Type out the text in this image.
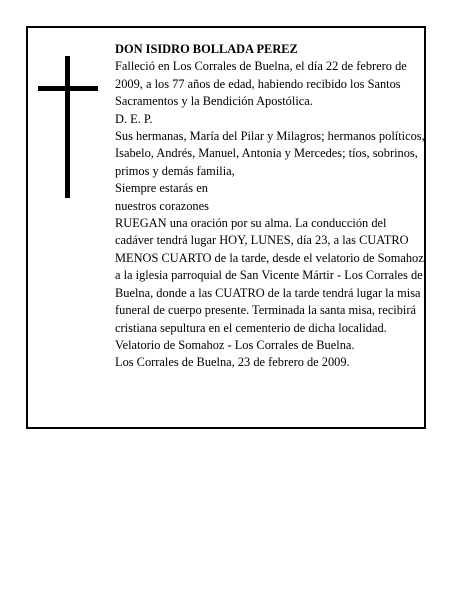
DON ISIDRO BOLLADA PEREZ

Falleció en Los Corrales de Buelna, el día 22 de febrero de 2009, a los 77 años de edad, habiendo recibido los Santos Sacramentos y la Bendición Apostólica.

D. E. P.

Sus hermanas, María del Pilar y Milagros; hermanos políticos, Isabelo, Andrés, Manuel, Antonia y Mercedes; tíos, sobrinos, primos y demás familia,

Siempre estarás en

nuestros corazones

RUEGAN una oración por su alma. La conducción del cadáver tendrá lugar HOY, LUNES, día 23, a las CUATRO MENOS CUARTO de la tarde, desde el velatorio de Somahoz, a la iglesia parroquial de San Vicente Mártir - Los Corrales de Buelna, donde a las CUATRO de la tarde tendrá lugar la misa funeral de cuerpo presente. Terminada la santa misa, recibirá cristiana sepultura en el cementerio de dicha localidad.

Velatorio de Somahoz - Los Corrales de Buelna.

Los Corrales de Buelna, 23 de febrero de 2009.
